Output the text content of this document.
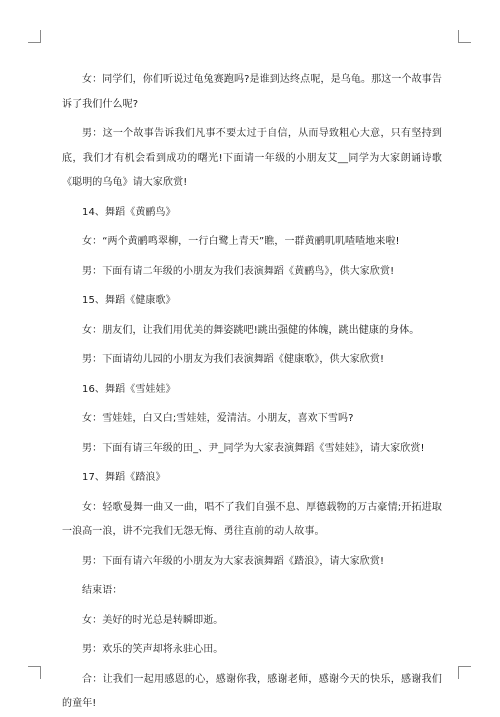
女：同学们，你们听说过龟兔赛跑吗?是谁到达终点呢，是乌龟。那这一个故事告诉了我们什么呢?

男：这一个故事告诉我们凡事不要太过于自信，从而导致粗心大意，只有坚持到底，我们才有机会看到成功的曙光!下面请一年级的小朋友艾__同学为大家朗诵诗歌《聪明的乌龟》请大家欣赏!

14、舞蹈《黄鹂鸟》

女：“两个黄鹂鸣翠柳，一行白鹭上青天”瞧，一群黄鹂叽叽喳喳地来啦!

男：下面有请二年级的小朋友为我们表演舞蹈《黄鹂鸟》，供大家欣赏!

15、舞蹈《健康歌》

女：朋友们，让我们用优美的舞姿跳吧!跳出强健的体魄，跳出健康的身体。

男：下面请幼儿园的小朋友为我们表演舞蹈《健康歌》，供大家欣赏!

16、舞蹈《雪娃娃》

女：雪娃娃，白又白;雪娃娃，爱清洁。小朋友，喜欢下雪吗?

男：下面有请三年级的田_、尹_同学为大家表演舞蹈《雪娃娃》，请大家欣赏!

17、舞蹈《踏浪》

女：轻歌曼舞一曲又一曲，唱不了我们自强不息、厚德载物的万古豪情;开拓进取一浪高一浪，讲不完我们无怨无悔、勇往直前的动人故事。

男：下面有请六年级的小朋友为大家表演舞蹈《踏浪》，请大家欣赏!

结束语：

女：美好的时光总是转瞬即逝。

男：欢乐的笑声却将永驻心田。

合：让我们一起用感恩的心，感谢你我，感谢老师，感谢今天的快乐，感谢我们的童年!
